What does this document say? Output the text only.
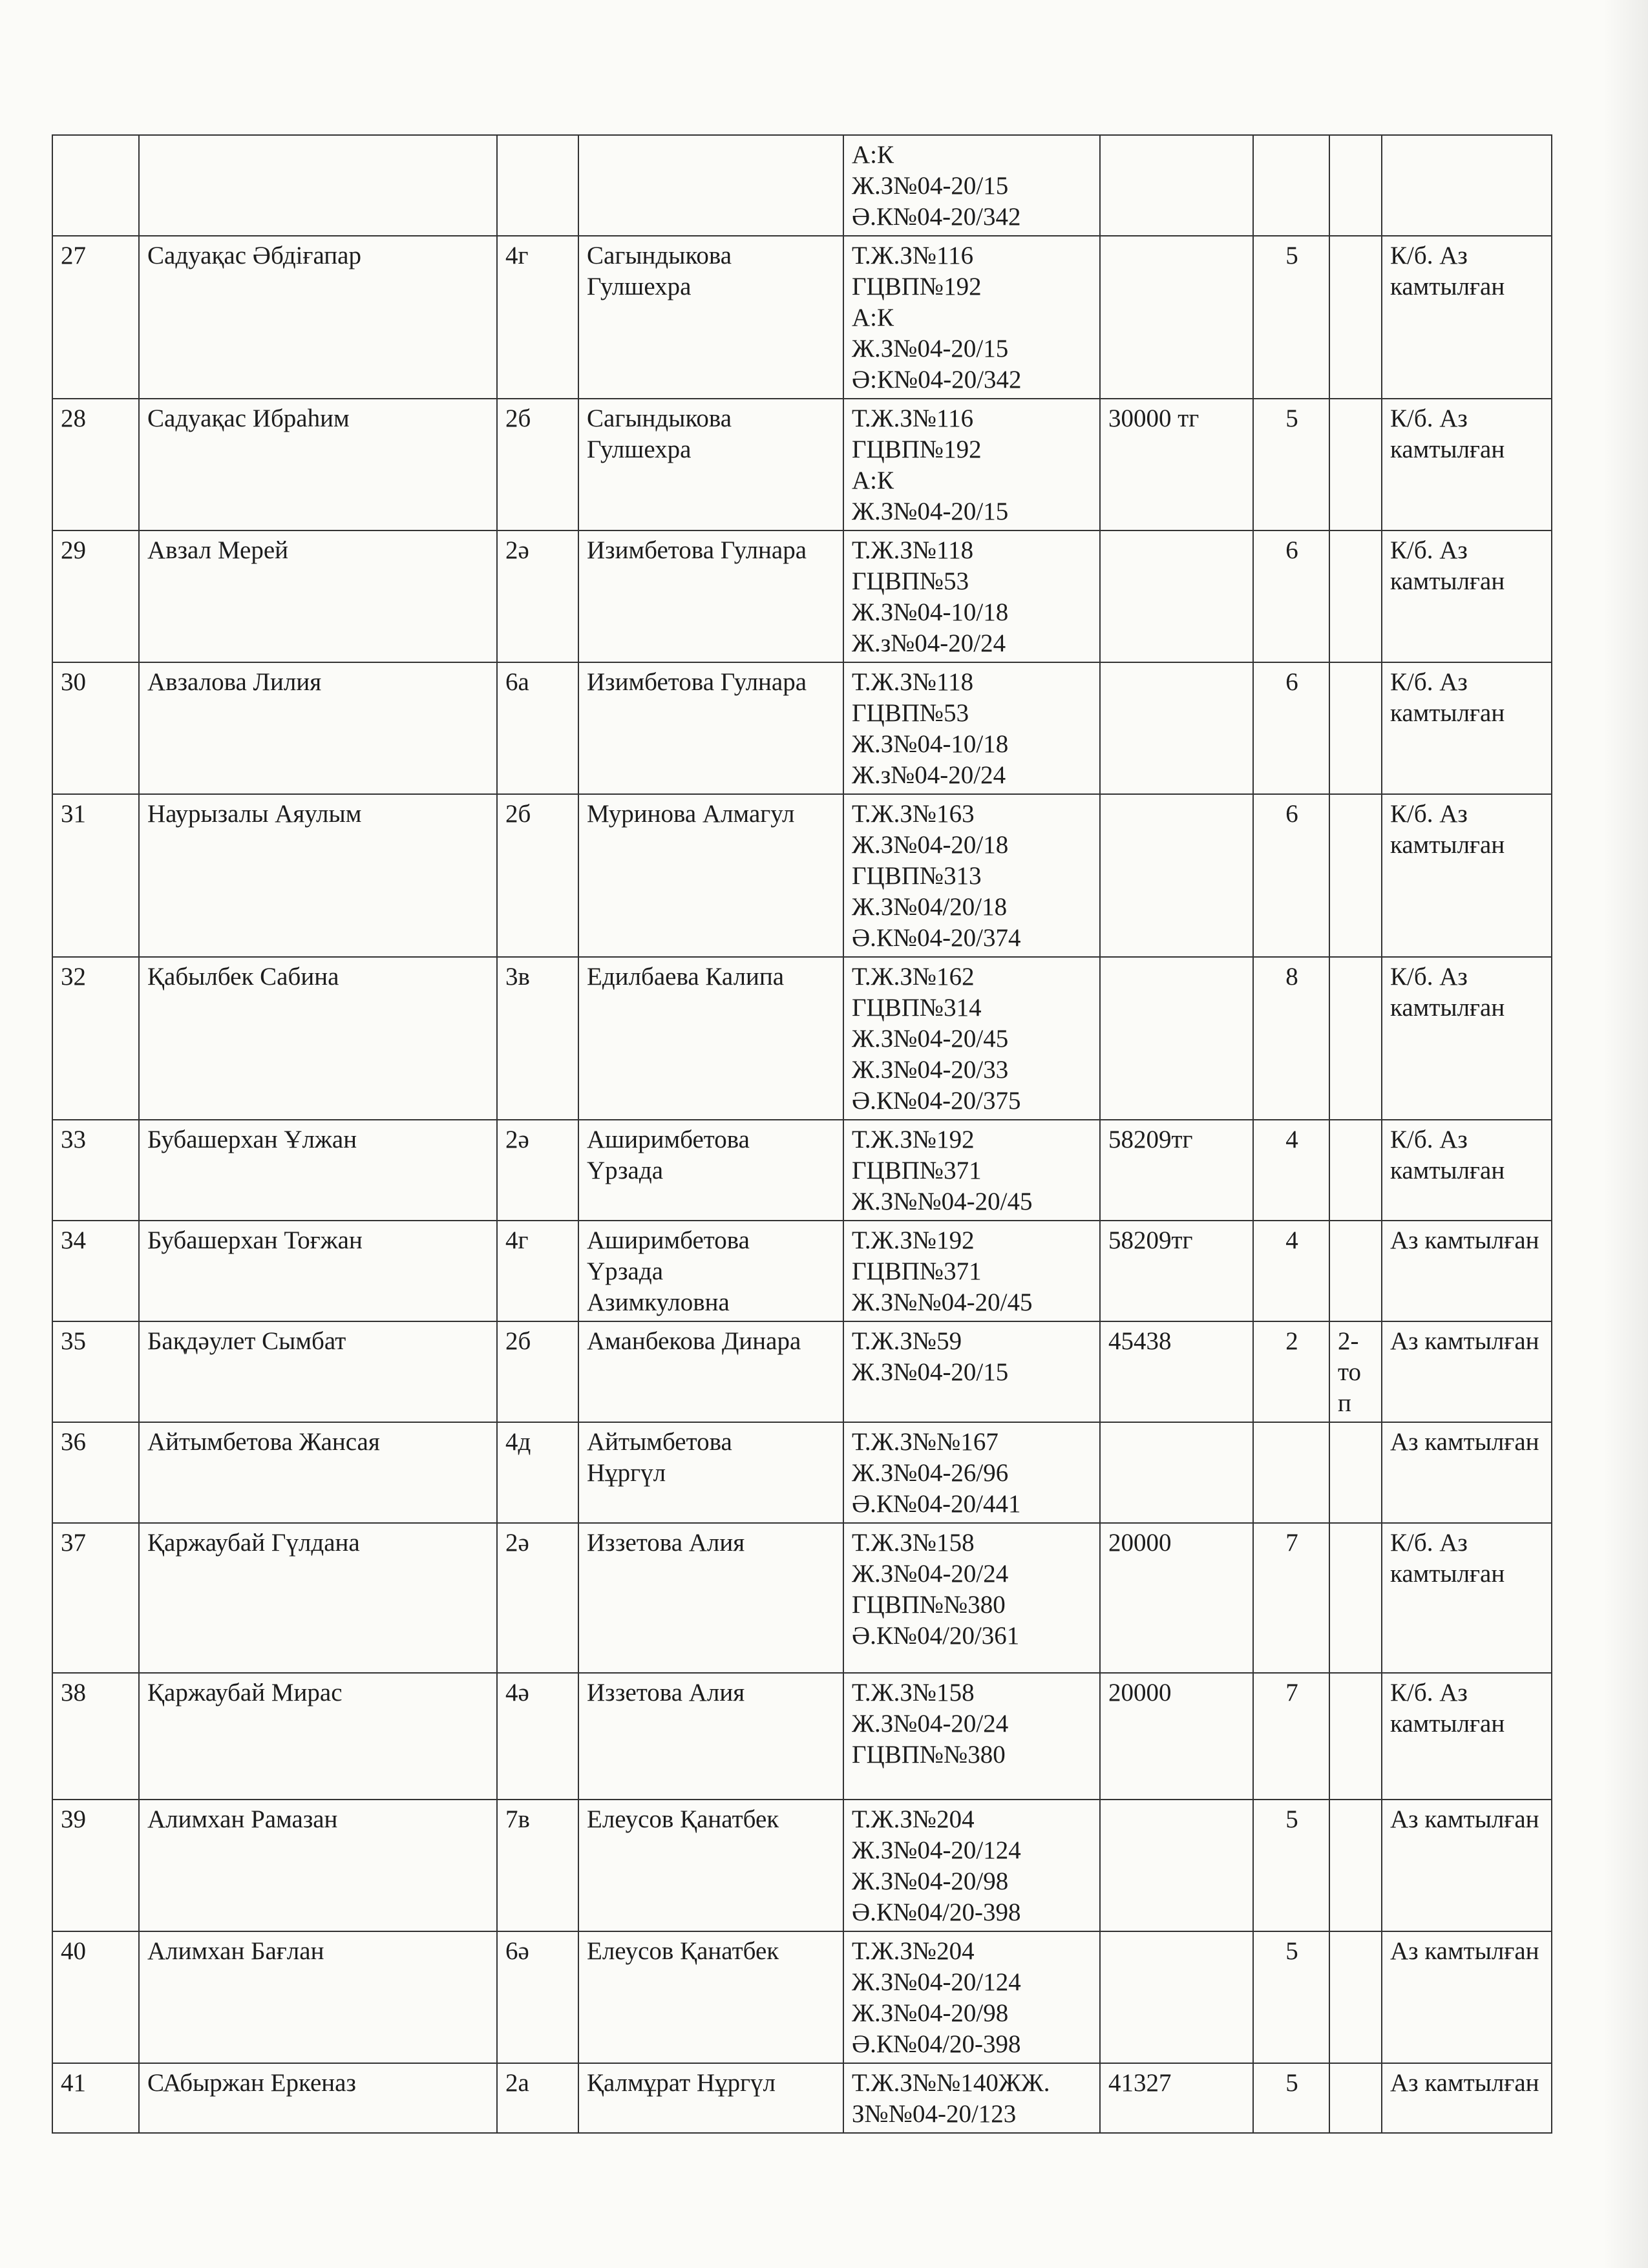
				А:К
Ж.З№04-20/15
Ә.К№04-20/342				

27	Садуақас Әбдіғапар	4г	Сагындыкова
Гулшехра	Т.Ж.З№116
ГЦВП№192
А:К
Ж.З№04-20/15
Ә:К№04-20/342		5		К/б. Аз камтылған

28	Садуақас Ибраһим	2б	Сагындыкова
Гулшехра	Т.Ж.З№116
ГЦВП№192
А:К
Ж.З№04-20/15	30000 тг	5		К/б. Аз камтылған

29	Авзал Мерей	2ә	Изимбетова Гулнара	Т.Ж.З№118
ГЦВП№53
Ж.З№04-10/18
Ж.з№04-20/24		6		К/б. Аз камтылған

30	Авзалова Лилия	6а	Изимбетова Гулнара	Т.Ж.З№118
ГЦВП№53
Ж.З№04-10/18
Ж.з№04-20/24		6		К/б. Аз камтылған

31	Наурызалы Аяулым	2б	Муринова Алмагул	Т.Ж.З№163
Ж.З№04-20/18
ГЦВП№313
Ж.З№04/20/18
Ә.К№04-20/374		6		К/б. Аз камтылған

32	Қабылбек Сабина	3в	Едилбаева Калипа	Т.Ж.З№162
ГЦВП№314
Ж.З№04-20/45
Ж.З№04-20/33
Ә.К№04-20/375		8		К/б. Аз камтылған

33	Бубашерхан Ұлжан	2ә	Аширимбетова
Үрзада	Т.Ж.З№192
ГЦВП№371
Ж.З№№04-20/45	58209тг	4		К/б. Аз камтылған

34	Бубашерхан Тоғжан	4г	Аширимбетова
Үрзада
Азимкуловна	Т.Ж.З№192
ГЦВП№371
Ж.З№№04-20/45	58209тг	4		Аз камтылған

35	Бақдәулет Сымбат	2б	Аманбекова Динара	Т.Ж.З№59
Ж.З№04-20/15	45438	2	2-
то
п	Аз камтылған

36	Айтымбетова Жансая	4д	Айтымбетова
Нұргүл	Т.Ж.З№№167
Ж.З№04-26/96
Ә.К№04-20/441				Аз камтылған

37	Қаржаубай Гүлдана	2ә	Иззетова Алия	Т.Ж.З№158
Ж.З№04-20/24
ГЦВП№№380
Ә.К№04/20/361	20000	7		К/б. Аз камтылған

38	Қаржаубай Мирас	4ә	Иззетова Алия	Т.Ж.З№158
Ж.З№04-20/24
ГЦВП№№380	20000	7		К/б. Аз камтылған

39	Алимхан Рамазан	7в	Елеусов Қанатбек	Т.Ж.З№204
Ж.З№04-20/124
Ж.З№04-20/98
Ә.К№04/20-398		5		Аз камтылған

40	Алимхан Бағлан	6ә	Елеусов Қанатбек	Т.Ж.З№204
Ж.З№04-20/124
Ж.З№04-20/98
Ә.К№04/20-398		5		Аз камтылған

41	САбыржан Еркеназ	2а	Қалмұрат Нұргүл	Т.Ж.З№№140ЖЖ.
З№№04-20/123	41327	5		Аз камтылған
